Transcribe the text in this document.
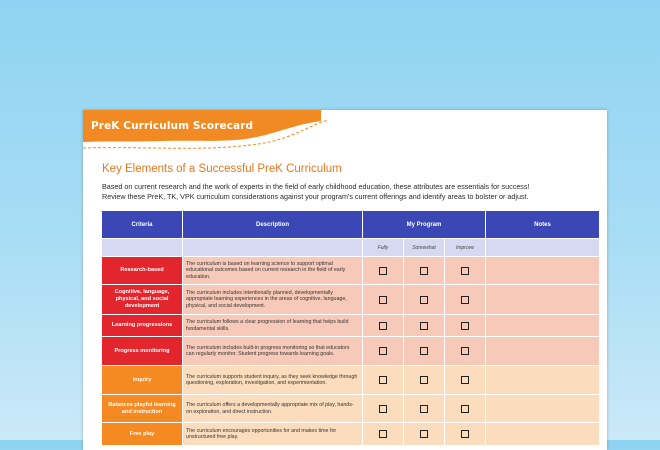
PreK Curriculum Scorecard
Key Elements of a Successful PreK Curriculum
Based on current research and the work of experts in the field of early childhood education, these attributes are essentials for success!
Review these PreK, TK, VPK curriculum considerations against your program's current offerings and identify areas to bolster or adjust.
Criteria	Description	My Program			Notes
		Fully	Somewhat	Improve	
Research-based	The curriculum is based on learning science to support optimal educational outcomes based on current research in the field of early education.				
Cognitive, language, physical, and social development	The curriculum includes intentionally planned, developmentally appropriate learning experiences in the areas of cognitive, language, physical, and social development.				
Learning progressions	The curriculum follows a clear progression of learning that helps build fundamental skills.				
Progress monitoring	The curriculum includes built-in progress monitoring so that educators can regularly monitor. Student progress towards learning goals.				
Inquiry	The curriculum supports student inquiry, as they seek knowledge through questioning, exploration, investigation, and experimentation.				
Balances playful learning and instruction	The curriculum offers a developmentally appropriate mix of play, hands-on exploration, and direct instruction.				
Free play	The curriculum encourages opportunities for and makes time for unstructured free play.				
